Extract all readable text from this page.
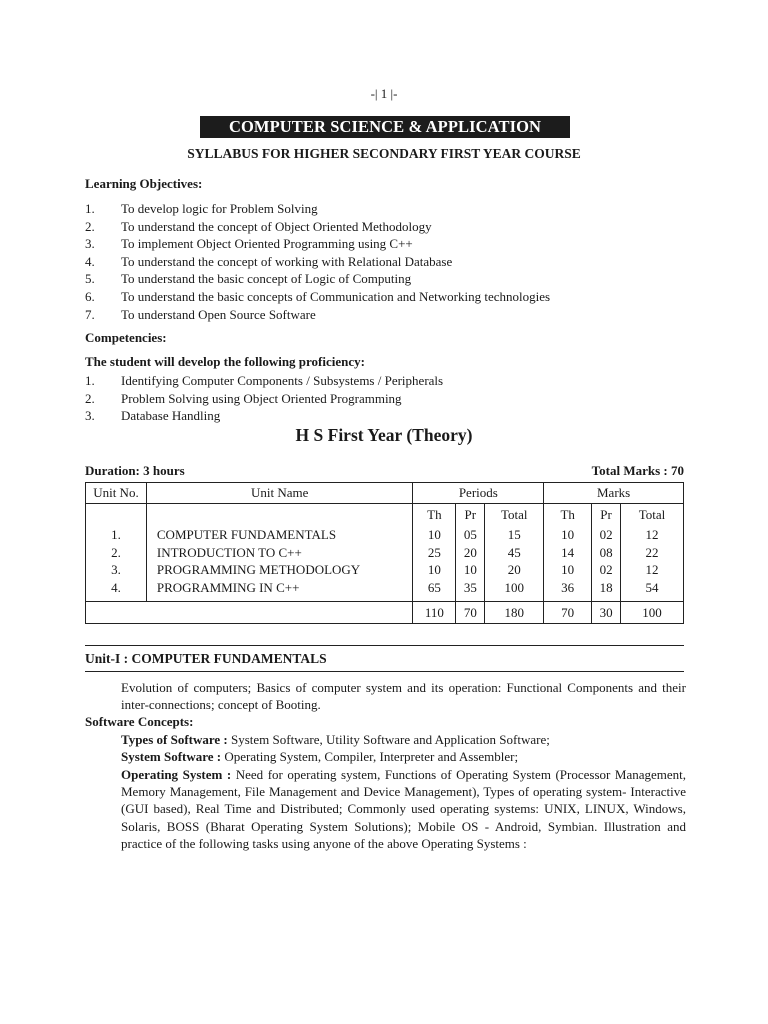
-| 1 |-
COMPUTER SCIENCE & APPLICATION
SYLLABUS FOR HIGHER SECONDARY FIRST YEAR COURSE
Learning Objectives:
1. To develop logic for Problem Solving
2. To understand the concept of Object Oriented Methodology
3. To implement Object Oriented Programming using C++
4. To understand the concept of working with Relational Database
5. To understand the basic concept of Logic of Computing
6. To understand the basic concepts of Communication and Networking technologies
7. To understand Open Source Software
Competencies:
The student will develop the following proficiency:
1. Identifying Computer Components / Subsystems / Peripherals
2. Problem Solving using Object Oriented Programming
3. Database Handling
H S First Year (Theory)
Duration: 3 hours	Total Marks : 70
Unit No.	Unit Name	Periods			Marks		
		Th	Pr	Total	Th	Pr	Total
1.	COMPUTER FUNDAMENTALS	10	05	15	10	02	12
2.	INTRODUCTION TO C++	25	20	45	14	08	22
3.	PROGRAMMING METHODOLOGY	10	10	20	10	02	12
4.	PROGRAMMING IN C++	65	35	100	36	18	54

		110	70	180	70	30	100
Unit-I : COMPUTER FUNDAMENTALS
Evolution of computers; Basics of computer system and its operation: Functional Components and their inter-connections; concept of Booting.
Software Concepts:
Types of Software : System Software, Utility Software and Application Software;
System Software : Operating System, Compiler, Interpreter and Assembler;
Operating System : Need for operating system, Functions of Operating System (Processor Management, Memory Management, File Management and Device Management), Types of operating system- Interactive (GUI based), Real Time and Distributed; Commonly used operating systems: UNIX, LINUX, Windows, Solaris, BOSS (Bharat Operating System Solutions); Mobile OS - Android, Symbian. Illustration and practice of the following tasks using anyone of the above Operating Systems :
